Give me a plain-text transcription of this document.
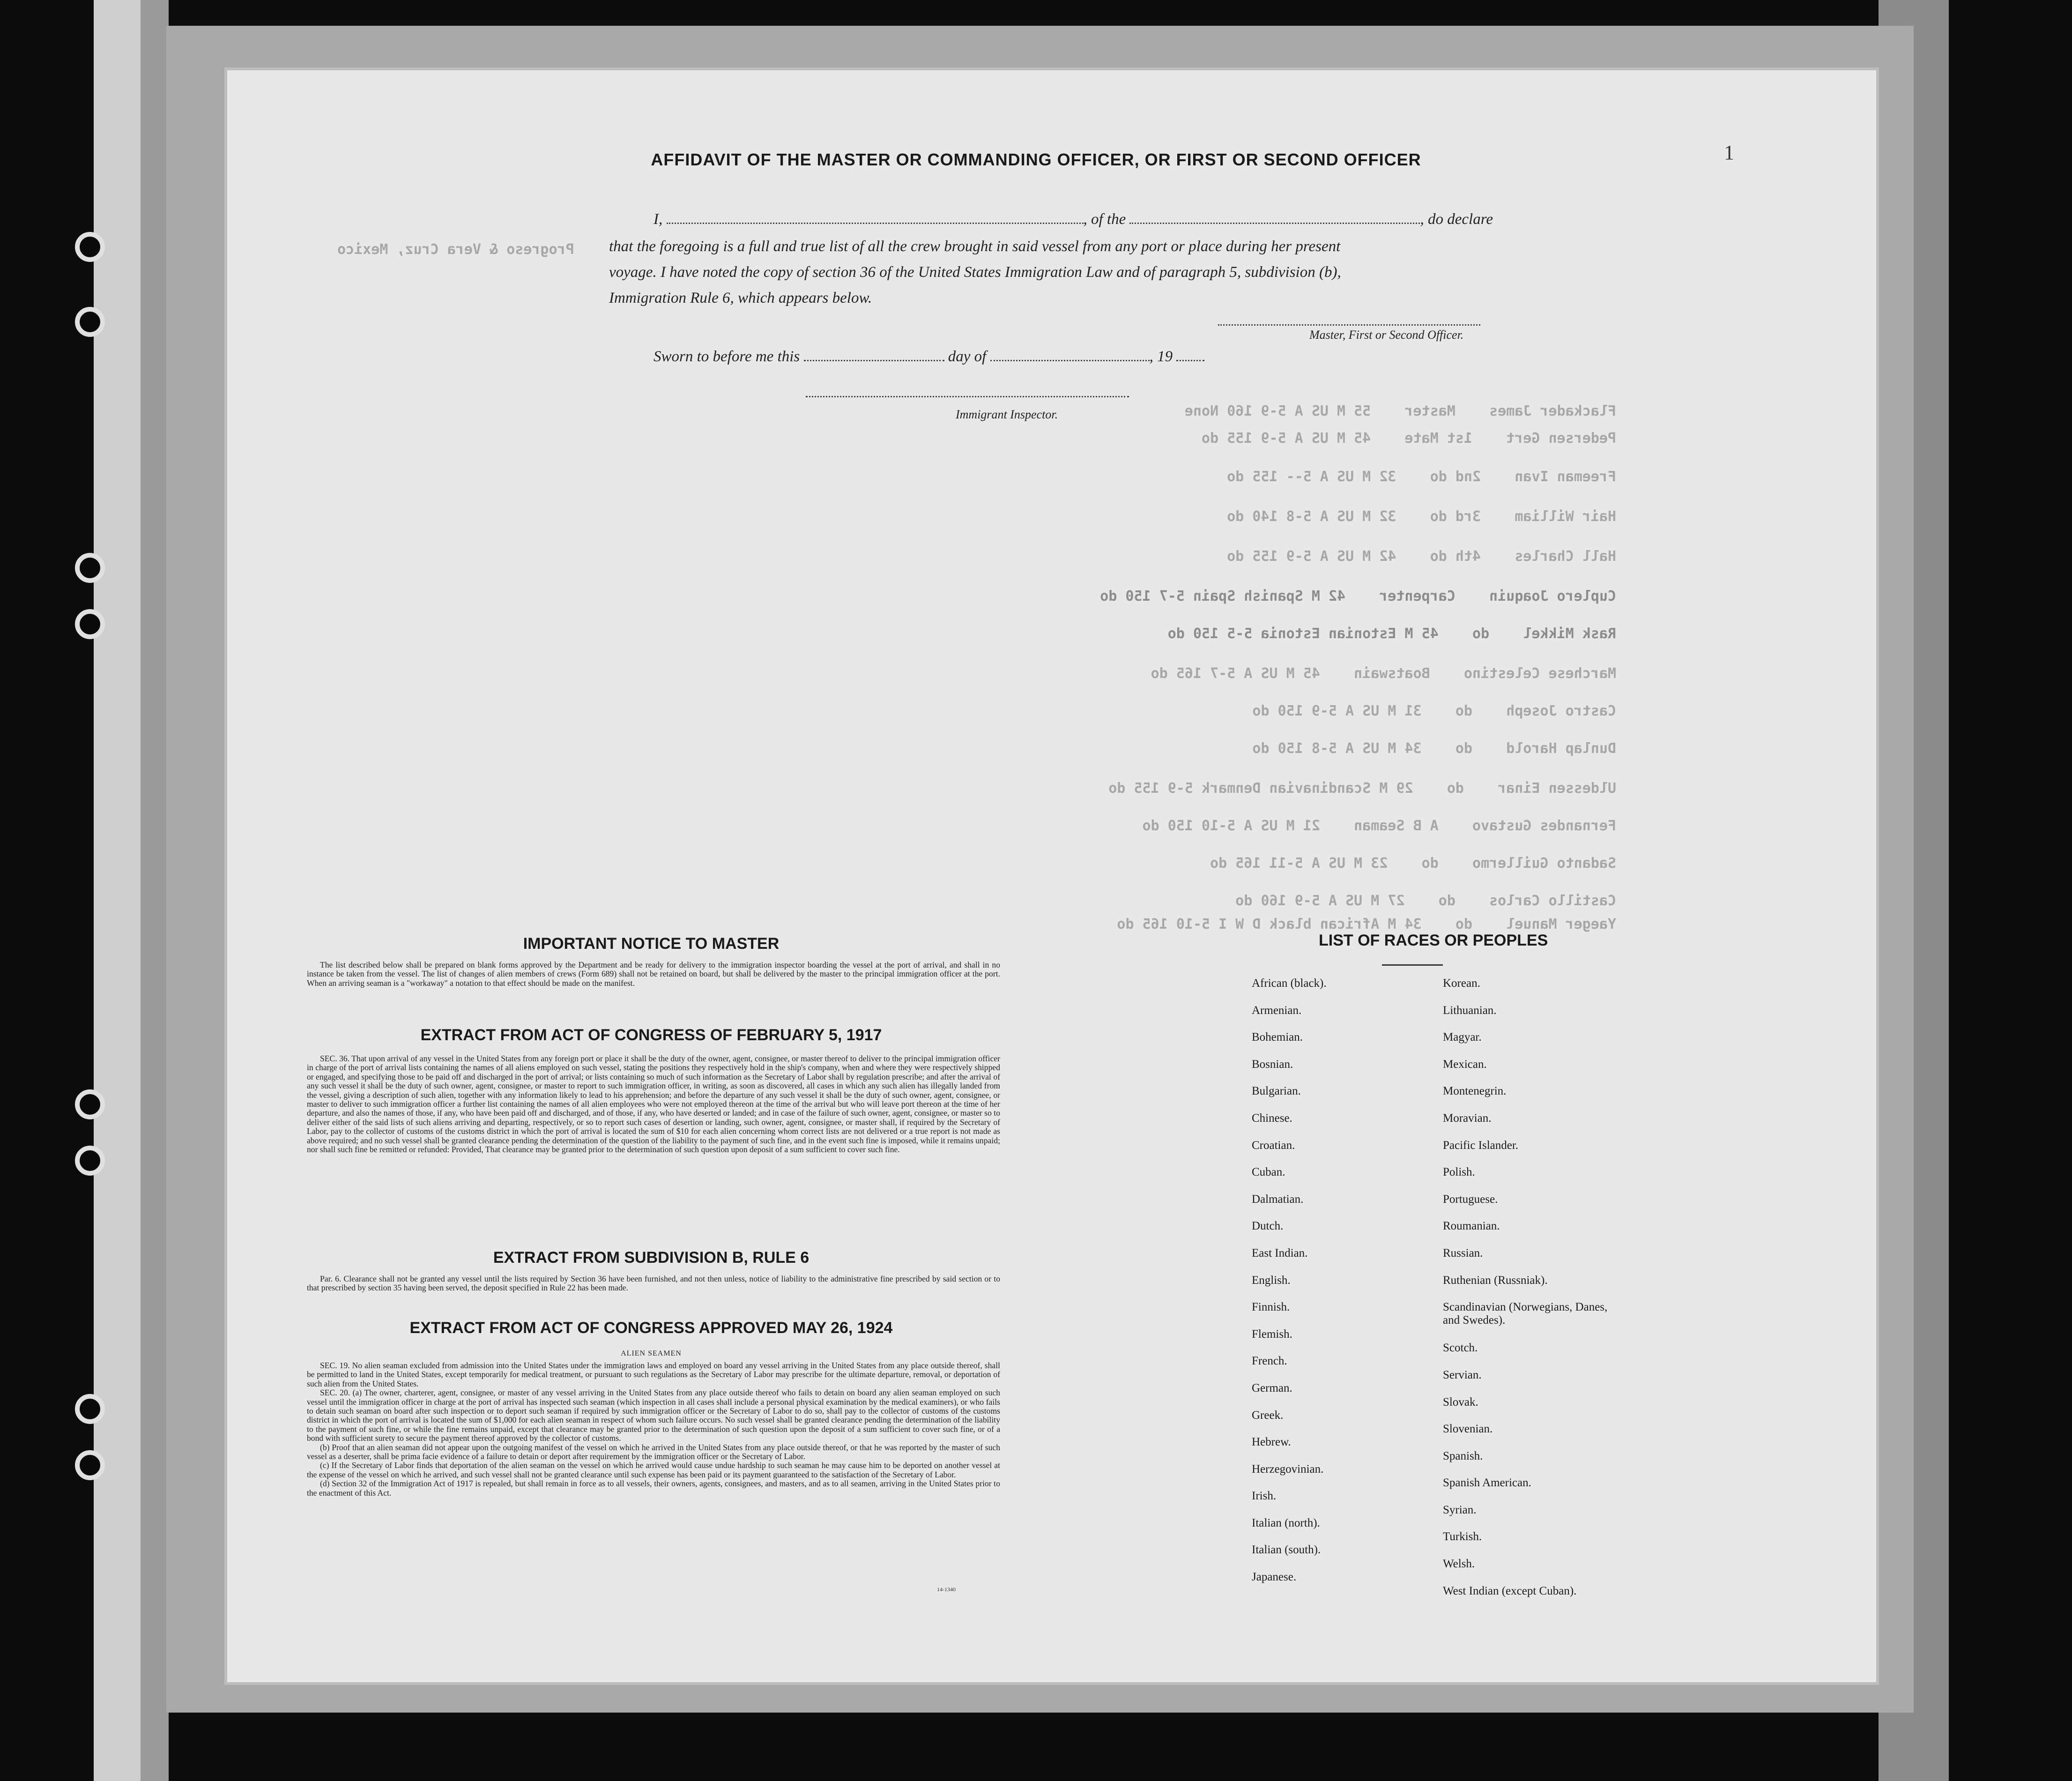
1
AFFIDAVIT OF THE MASTER OR COMMANDING OFFICER, OR FIRST OR SECOND OFFICER
I,	, of the	, do declare
that the foregoing is a full and true list of all the crew brought in said vessel from any port or place during her present
voyage. I have noted the copy of section 36 of the United States Immigration Law and of paragraph 5, subdivision (b),
Immigration Rule 6, which appears below.
Master, First or Second Officer.
Sworn to before me this	day of	, 19
Immigrant Inspector.
Progreso & Vera Cruz, Mexico
Flackader James    Master    55 M US A 5-9 160 None
Pedersen Gert    1st Mate    45 M US A 5-9 155 do
Freeman Ivan    2nd do    32 M US A 5-- 155 do
Hair William    3rd do    32 M US A 5-8 140 do
Hall Charles    4th do    42 M US A 5-9 155 do
Cuplero Joaquin    Carpenter    42 M Spanish Spain 5-7 150 do
Rask Mikkel    do    45 M Estonian Estonia 5-5 150 do
Marchese Celestino    Boatswain    45 M US A 5-7 165 do
Castro Joseph    do    31 M US A 5-9 150 do
Dunlap Harold    do    34 M US A 5-8 150 do
Uldessen Einar    do    29 M Scandinavian Denmark 5-9 155 do
Fernandes Gustavo    A B Seaman    21 M US A 5-10 150 do
Sadanto Guillermo    do    23 M US A 5-11 165 do
Castillo Carlos    do    27 M US A 5-9 160 do
Yaeger Manuel    do    34 M African black D W I 5-10 165 do
IMPORTANT NOTICE TO MASTER

The list described below shall be prepared on blank forms approved by the Department and be ready for delivery to the immigration inspector boarding the vessel at the port of arrival, and shall in no instance be taken from the vessel. The list of changes of alien members of crews (Form 689) shall not be retained on board, but shall be delivered by the master to the principal immigration officer at the port. When an arriving seaman is a "workaway" a notation to that effect should be made on the manifest.

EXTRACT FROM ACT OF CONGRESS OF FEBRUARY 5, 1917

SEC. 36. That upon arrival of any vessel in the United States from any foreign port or place it shall be the duty of the owner, agent, consignee, or master thereof to deliver to the principal immigration officer in charge of the port of arrival lists containing the names of all aliens employed on such vessel, stating the positions they respectively hold in the ship's company, when and where they were respectively shipped or engaged, and specifying those to be paid off and discharged in the port of arrival; or lists containing so much of such information as the Secretary of Labor shall by regulation prescribe; and after the arrival of any such vessel it shall be the duty of such owner, agent, consignee, or master to report to such immigration officer, in writing, as soon as discovered, all cases in which any such alien has illegally landed from the vessel, giving a description of such alien, together with any information likely to lead to his apprehension; and before the departure of any such vessel it shall be the duty of such owner, agent, consignee, or master to deliver to such immigration officer a further list containing the names of all alien employees who were not employed thereon at the time of the arrival but who will leave port thereon at the time of her departure, and also the names of those, if any, who have been paid off and discharged, and of those, if any, who have deserted or landed; and in case of the failure of such owner, agent, consignee, or master so to deliver either of the said lists of such aliens arriving and departing, respectively, or so to report such cases of desertion or landing, such owner, agent, consignee, or master shall, if required by the Secretary of Labor, pay to the collector of customs of the customs district in which the port of arrival is located the sum of $10 for each alien concerning whom correct lists are not delivered or a true report is not made as above required; and no such vessel shall be granted clearance pending the determination of the question of the liability to the payment of such fine, and in the event such fine is imposed, while it remains unpaid; nor shall such fine be remitted or refunded: Provided, That clearance may be granted prior to the determination of such question upon deposit of a sum sufficient to cover such fine.

EXTRACT FROM SUBDIVISION B, RULE 6

Par. 6. Clearance shall not be granted any vessel until the lists required by Section 36 have been furnished, and not then unless, notice of liability to the administrative fine prescribed by said section or to that prescribed by section 35 having been served, the deposit specified in Rule 22 has been made.

EXTRACT FROM ACT OF CONGRESS APPROVED MAY 26, 1924
ALIEN SEAMEN

SEC. 19. No alien seaman excluded from admission into the United States under the immigration laws and employed on board any vessel arriving in the United States from any place outside thereof, shall be permitted to land in the United States, except temporarily for medical treatment, or pursuant to such regulations as the Secretary of Labor may prescribe for the ultimate departure, removal, or deportation of such alien from the United States.

SEC. 20. (a) The owner, charterer, agent, consignee, or master of any vessel arriving in the United States from any place outside thereof who fails to detain on board any alien seaman employed on such vessel until the immigration officer in charge at the port of arrival has inspected such seaman (which inspection in all cases shall include a personal physical examination by the medical examiners), or who fails to detain such seaman on board after such inspection or to deport such seaman if required by such immigration officer or the Secretary of Labor to do so, shall pay to the collector of customs of the customs district in which the port of arrival is located the sum of $1,000 for each alien seaman in respect of whom such failure occurs. No such vessel shall be granted clearance pending the determination of the liability to the payment of such fine, or while the fine remains unpaid, except that clearance may be granted prior to the determination of such question upon the deposit of a sum sufficient to cover such fine, or of a bond with sufficient surety to secure the payment thereof approved by the collector of customs.

(b) Proof that an alien seaman did not appear upon the outgoing manifest of the vessel on which he arrived in the United States from any place outside thereof, or that he was reported by the master of such vessel as a deserter, shall be prima facie evidence of a failure to detain or deport after requirement by the immigration officer or the Secretary of Labor.

(c) If the Secretary of Labor finds that deportation of the alien seaman on the vessel on which he arrived would cause undue hardship to such seaman he may cause him to be deported on another vessel at the expense of the vessel on which he arrived, and such vessel shall not be granted clearance until such expense has been paid or its payment guaranteed to the satisfaction of the Secretary of Labor.

(d) Section 32 of the Immigration Act of 1917 is repealed, but shall remain in force as to all vessels, their owners, agents, consignees, and masters, and as to all seamen, arriving in the United States prior to the enactment of this Act.

14-1340
LIST OF RACES OR PEOPLES
African (black).
Armenian.
Bohemian.
Bosnian.
Bulgarian.
Chinese.
Croatian.
Cuban.
Dalmatian.
Dutch.
East Indian.
English.
Finnish.
Flemish.
French.
German.
Greek.
Hebrew.
Herzegovinian.
Irish.
Italian (north).
Italian (south).
Japanese.
Korean.
Lithuanian.
Magyar.
Mexican.
Montenegrin.
Moravian.
Pacific Islander.
Polish.
Portuguese.
Roumanian.
Russian.
Ruthenian (Russniak).
Scandinavian (Norwegians, Danes, and Swedes).
Scotch.
Servian.
Slovak.
Slovenian.
Spanish.
Spanish American.
Syrian.
Turkish.
Welsh.
West Indian (except Cuban).
